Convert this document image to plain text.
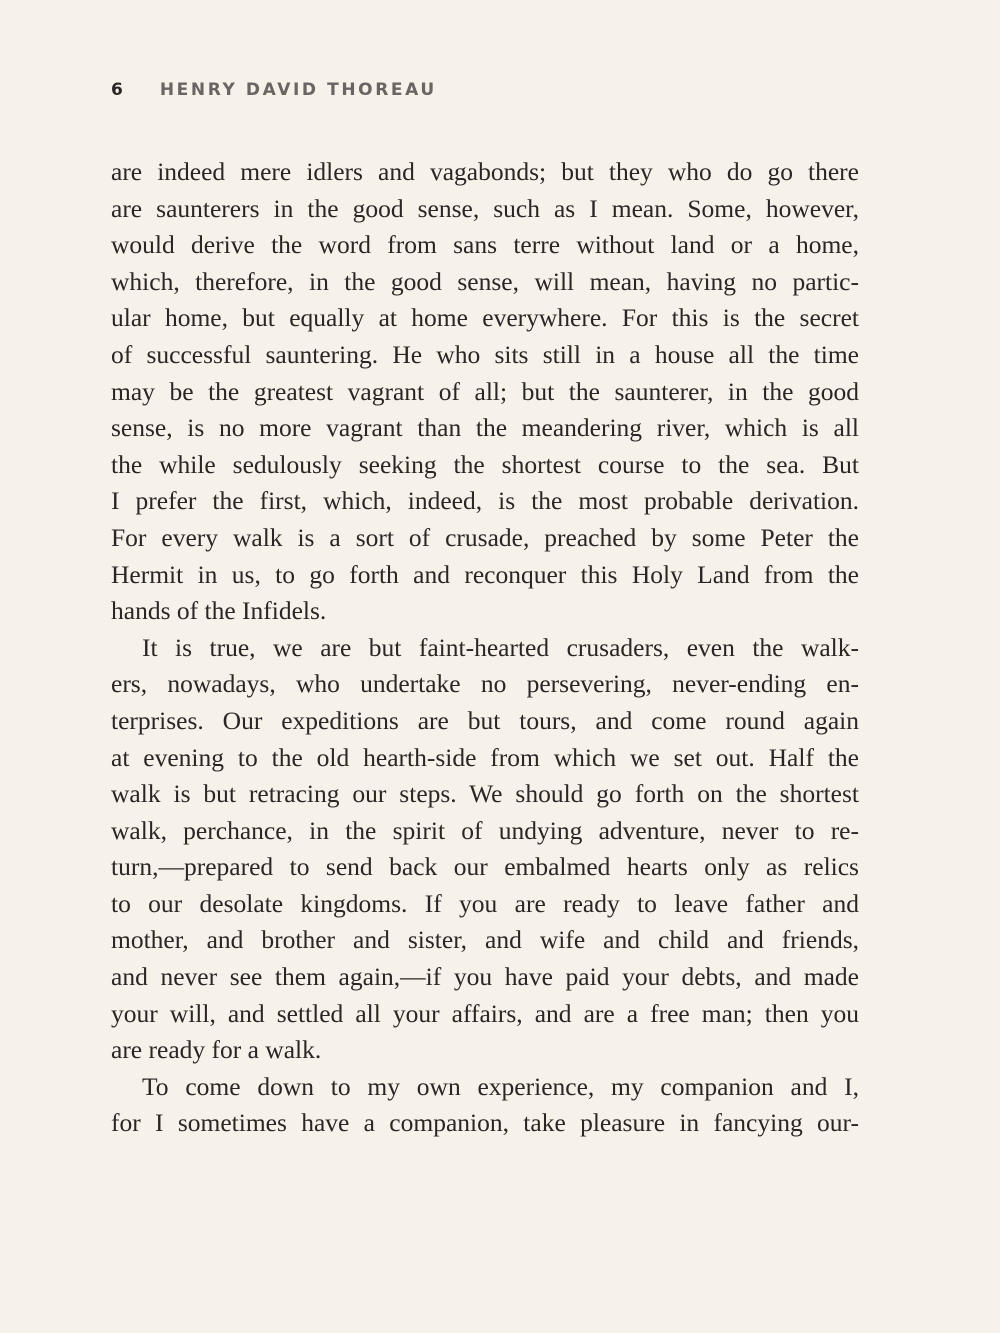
6 HENRY DAVID THOREAU
are indeed mere idlers and vagabonds; but they who do go there
are saunterers in the good sense, such as I mean. Some, however,
would derive the word from sans terre without land or a home,
which, therefore, in the good sense, will mean, having no partic-
ular home, but equally at home everywhere. For this is the secret
of successful sauntering. He who sits still in a house all the time
may be the greatest vagrant of all; but the saunterer, in the good
sense, is no more vagrant than the meandering river, which is all
the while sedulously seeking the shortest course to the sea. But
I prefer the first, which, indeed, is the most probable derivation.
For every walk is a sort of crusade, preached by some Peter the
Hermit in us, to go forth and reconquer this Holy Land from the
hands of the Infidels.
It is true, we are but faint-hearted crusaders, even the walk-
ers, nowadays, who undertake no persevering, never-ending en-
terprises. Our expeditions are but tours, and come round again
at evening to the old hearth-side from which we set out. Half the
walk is but retracing our steps. We should go forth on the shortest
walk, perchance, in the spirit of undying adventure, never to re-
turn,—prepared to send back our embalmed hearts only as relics
to our desolate kingdoms. If you are ready to leave father and
mother, and brother and sister, and wife and child and friends,
and never see them again,—if you have paid your debts, and made
your will, and settled all your affairs, and are a free man; then you
are ready for a walk.
To come down to my own experience, my companion and I,
for I sometimes have a companion, take pleasure in fancying our-
